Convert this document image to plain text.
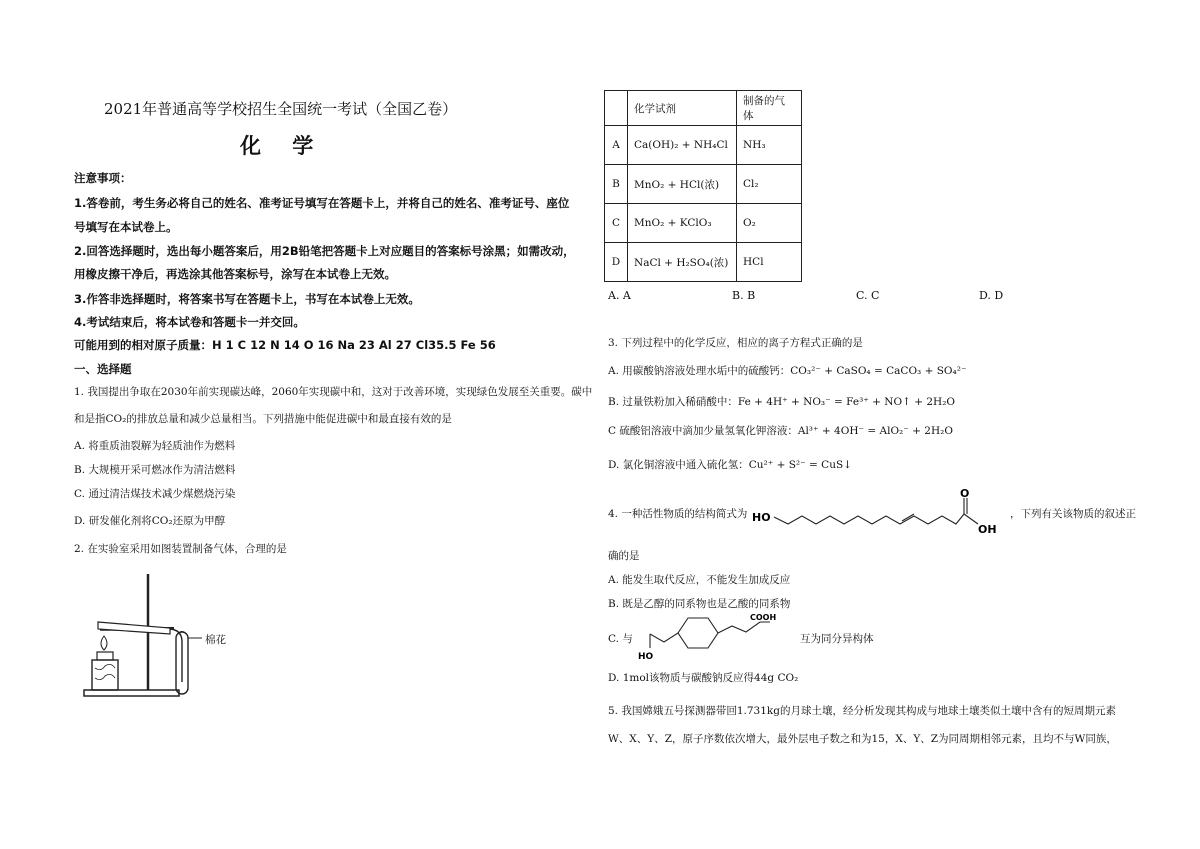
2021年普通高等学校招生全国统一考试（全国乙卷）
化 学
注意事项：
1.答卷前，考生务必将自己的姓名、准考证号填写在答题卡上，并将自己的姓名、准考证号、座位
号填写在本试卷上。
2.回答选择题时，选出每小题答案后，用2B铅笔把答题卡上对应题目的答案标号涂黑；如需改动，
用橡皮擦干净后，再选涂其他答案标号，涂写在本试卷上无效。
3.作答非选择题时，将答案书写在答题卡上，书写在本试卷上无效。
4.考试结束后，将本试卷和答题卡一并交回。
可能用到的相对原子质量：H 1 C 12 N 14 O 16 Na 23 Al 27 Cl35.5 Fe 56
一、选择题
1. 我国提出争取在2030年前实现碳达峰，2060年实现碳中和，这对于改善环境，实现绿色发展至关重要。碳中
和是指CO₂的排放总量和减少总量相当。下列措施中能促进碳中和最直接有效的是
A. 将重质油裂解为轻质油作为燃料
B. 大规模开采可燃冰作为清洁燃料
C. 通过清洁煤技术减少煤燃烧污染
D. 研发催化剂将CO₂还原为甲醇
2. 在实验室采用如图装置制备气体，合理的是
棉花
	化学试剂	制备的气体
A	Ca(OH)₂ + NH₄Cl	NH₃
B	MnO₂ + HCl(浓)	Cl₂
C	MnO₂ + KClO₃	O₂
D	NaCl + H₂SO₄(浓)	HCl
A. A	B. B	C. C	D. D
3. 下列过程中的化学反应，相应的离子方程式正确的是
A. 用碳酸钠溶液处理水垢中的硫酸钙：CO₃²⁻ + CaSO₄ = CaCO₃ + SO₄²⁻
B. 过量铁粉加入稀硝酸中：Fe + 4H⁺ + NO₃⁻ = Fe³⁺ + NO↑ + 2H₂O
C 硫酸铝溶液中滴加少量氢氧化钾溶液：Al³⁺ + 4OH⁻ = AlO₂⁻ + 2H₂O
D. 氯化铜溶液中通入硫化氢：Cu²⁺ + S²⁻ = CuS↓
4. 一种活性物质的结构简式为 HO
O
OH
，下列有关该物质的叙述正
确的是
A. 能发生取代反应，不能发生加成反应
B. 既是乙醇的同系物也是乙酸的同系物
C. 与
HO
COOH
互为同分异构体
D. 1mol该物质与碳酸钠反应得44g CO₂
5. 我国嫦娥五号探测器带回1.731kg的月球土壤，经分析发现其构成与地球土壤类似土壤中含有的短周期元素
W、X、Y、Z，原子序数依次增大，最外层电子数之和为15，X、Y、Z为同周期相邻元素，且均不与W同族，
